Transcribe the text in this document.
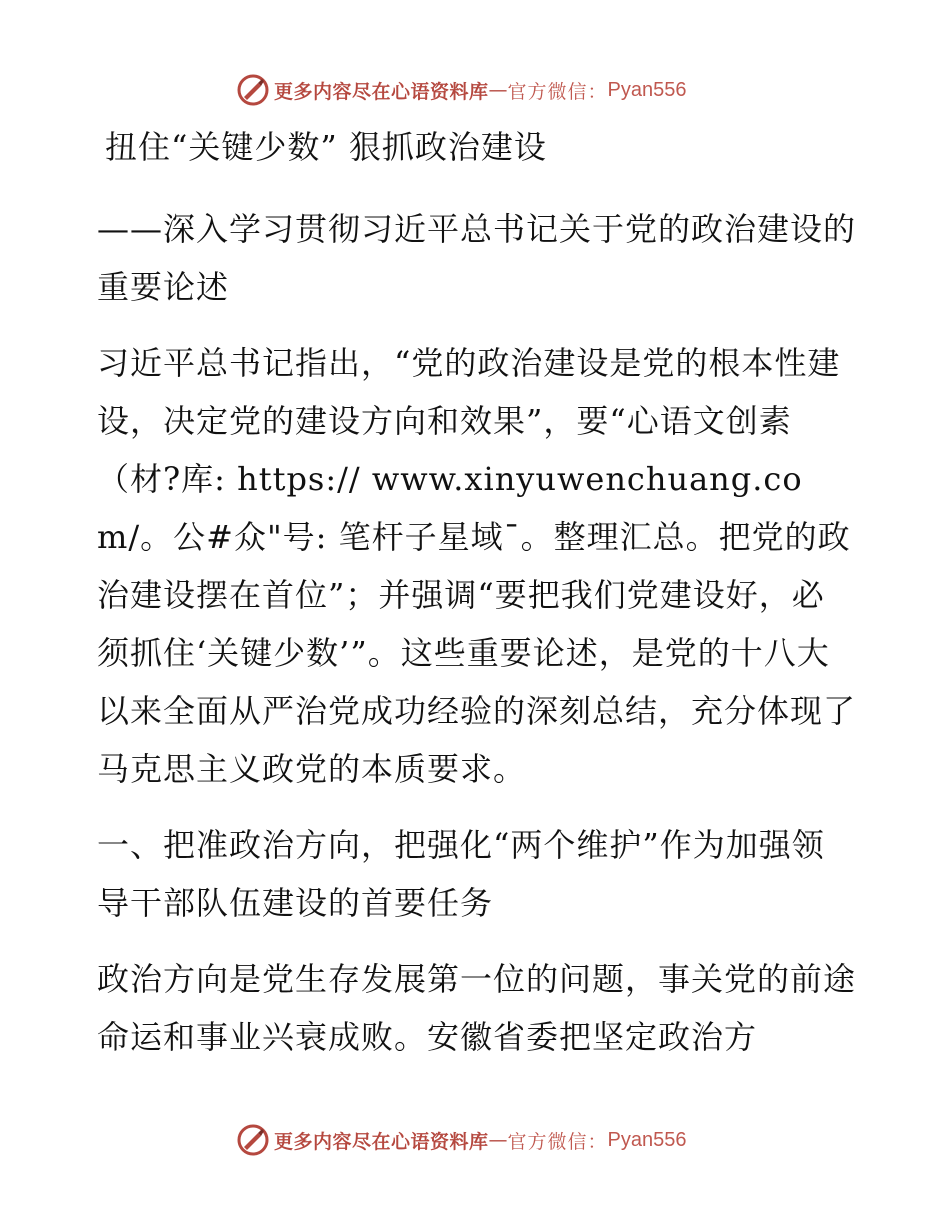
更多内容尽在心语资料库 — 官方微信： Pyan556
扭住“关键少数” 狠抓政治建设
——深入学习贯彻习近平总书记关于党的政治建设的重要论述
习近平总书记指出，“党的政治建设是党的根本性建设，决定党的建设方向和效果”，要“心语文创素（材?库: https:// www.xinyuwenchuang.com/。公#众"号: 笔杆子星域¯。整理汇总。把党的政治建设摆在首位”；并强调“要把我们党建设好，必须抓住‘关键少数’”。这些重要论述，是党的十八大以来全面从严治党成功经验的深刻总结，充分体现了马克思主义政党的本质要求。
一、把准政治方向，把强化“两个维护”作为加强领导干部队伍建设的首要任务
政治方向是党生存发展第一位的问题，事关党的前途命运和事业兴衰成败。安徽省委把坚定政治方
更多内容尽在心语资料库 — 官方微信： Pyan556
